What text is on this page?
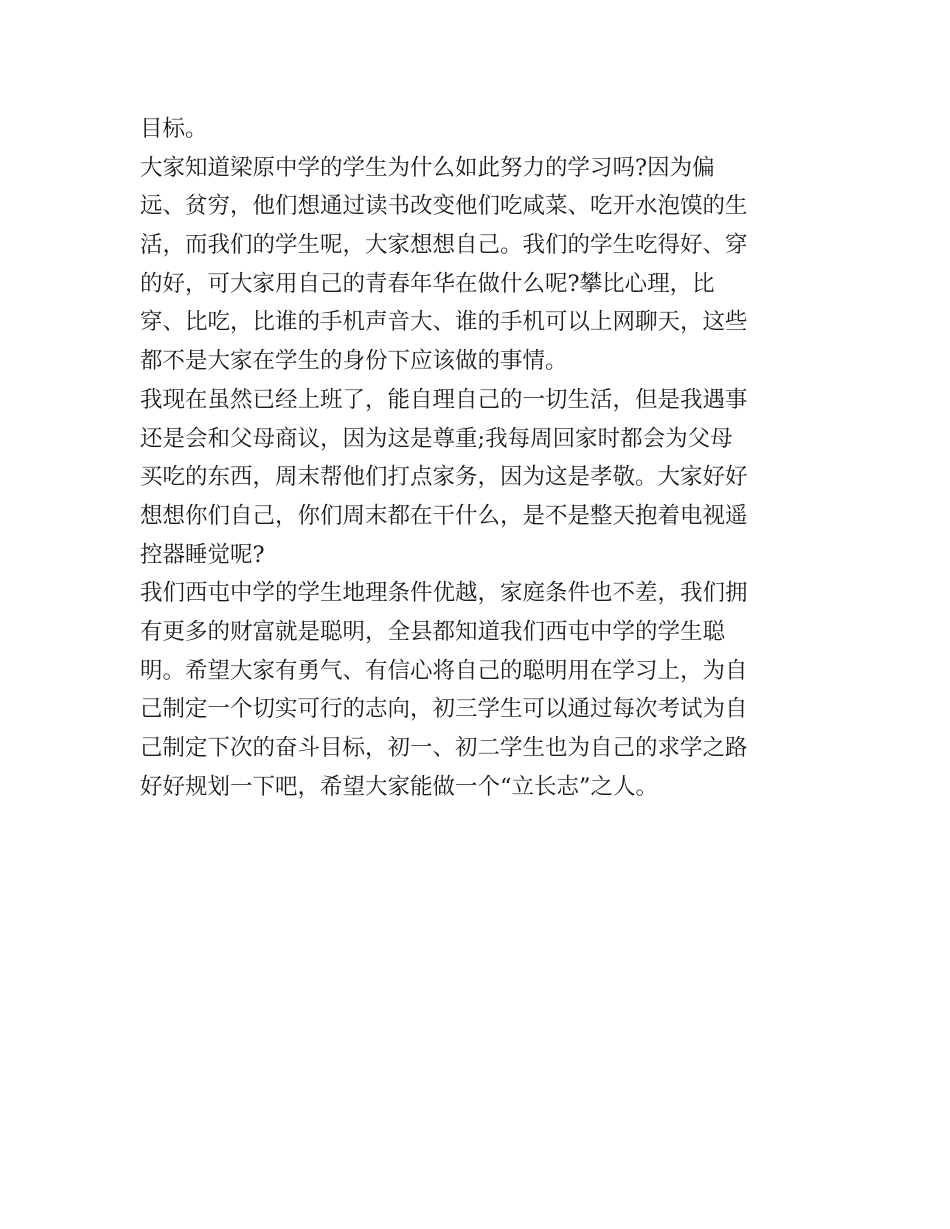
目标。
大家知道梁原中学的学生为什么如此努力的学习吗?因为偏
远、贫穷，他们想通过读书改变他们吃咸菜、吃开水泡馍的生
活，而我们的学生呢，大家想想自己。我们的学生吃得好、穿
的好，可大家用自己的青春年华在做什么呢?攀比心理，比
穿、比吃，比谁的手机声音大、谁的手机可以上网聊天，这些
都不是大家在学生的身份下应该做的事情。
我现在虽然已经上班了，能自理自己的一切生活，但是我遇事
还是会和父母商议，因为这是尊重;我每周回家时都会为父母
买吃的东西，周末帮他们打点家务，因为这是孝敬。大家好好
想想你们自己，你们周末都在干什么，是不是整天抱着电视遥
控器睡觉呢?
我们西屯中学的学生地理条件优越，家庭条件也不差，我们拥
有更多的财富就是聪明，全县都知道我们西屯中学的学生聪
明。希望大家有勇气、有信心将自己的聪明用在学习上，为自
己制定一个切实可行的志向，初三学生可以通过每次考试为自
己制定下次的奋斗目标，初一、初二学生也为自己的求学之路
好好规划一下吧，希望大家能做一个“立长志”之人。
